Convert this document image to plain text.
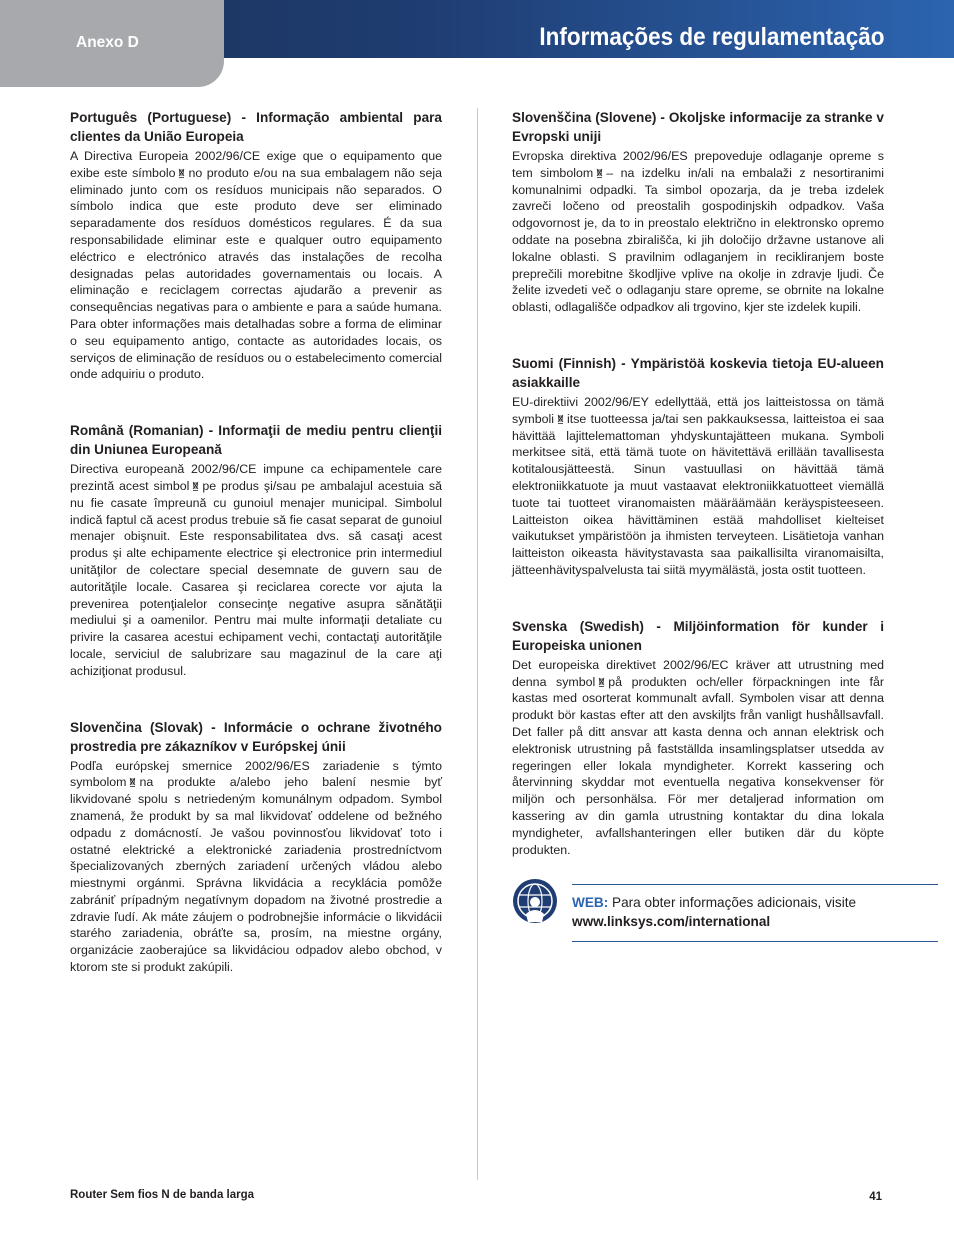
Anexo D	Informações de regulamentação
Português (Portuguese) - Informação ambiental para clientes da União Europeia

A Directiva Europeia 2002/96/CE exige que o equipamento que exibe este símbolo no produto e/ou na sua embalagem não seja eliminado junto com os resíduos municipais não separados. O símbolo indica que este produto deve ser eliminado separadamente dos resíduos domésticos regulares. É da sua responsabilidade eliminar este e qualquer outro equipamento eléctrico e electrónico através das instalações de recolha designadas pelas autoridades governamentais ou locais. A eliminação e reciclagem correctas ajudarão a prevenir as consequências negativas para o ambiente e para a saúde humana. Para obter informações mais detalhadas sobre a forma de eliminar o seu equipamento antigo, contacte as autoridades locais, os serviços de eliminação de resíduos ou o estabelecimento comercial onde adquiriu o produto.

Română (Romanian) - Informaţii de mediu pentru clienţii din Uniunea Europeană

Directiva europeană 2002/96/CE impune ca echipamentele care prezintă acest simbol pe produs şi/sau pe ambalajul acestuia să nu fie casate împreună cu gunoiul menajer municipal. Simbolul indică faptul că acest produs trebuie să fie casat separat de gunoiul menajer obişnuit. Este responsabilitatea dvs. să casaţi acest produs şi alte echipamente electrice şi electronice prin intermediul unităţilor de colectare special desemnate de guvern sau de autorităţile locale. Casarea şi reciclarea corecte vor ajuta la prevenirea potenţialelor consecinţe negative asupra sănătăţii mediului şi a oamenilor. Pentru mai multe informaţii detaliate cu privire la casarea acestui echipament vechi, contactaţi autorităţile locale, serviciul de salubrizare sau magazinul de la care aţi achiziţionat produsul.

Slovenčina (Slovak) - Informácie o ochrane životného prostredia pre zákazníkov v Európskej únii

Podľa európskej smernice 2002/96/ES zariadenie s týmto symbolom na produkte a/alebo jeho balení nesmie byť likvidované spolu s netriedeným komunálnym odpadom. Symbol znamená, že produkt by sa mal likvidovať oddelene od bežného odpadu z domácností. Je vašou povinnosťou likvidovať toto i ostatné elektrické a elektronické zariadenia prostredníctvom špecializovaných zberných zariadení určených vládou alebo miestnymi orgánmi. Správna likvidácia a recyklácia pomôže zabrániť prípadným negatívnym dopadom na životné prostredie a zdravie ľudí. Ak máte záujem o podrobnejšie informácie o likvidácii starého zariadenia, obráťte sa, prosím, na miestne orgány, organizácie zaoberajúce sa likvidáciou odpadov alebo obchod, v ktorom ste si produkt zakúpili.

Slovenščina (Slovene) - Okoljske informacije za stranke v Evropski uniji

Evropska direktiva 2002/96/ES prepoveduje odlaganje opreme s tem simbolom – na izdelku in/ali na embalaži z nesortiranimi komunalnimi odpadki. Ta simbol opozarja, da je treba izdelek zavreči ločeno od preostalih gospodinjskih odpadkov. Vaša odgovornost je, da to in preostalo električno in elektronsko opremo oddate na posebna zbirališča, ki jih določijo državne ustanove ali lokalne oblasti. S pravilnim odlaganjem in recikliranjem boste preprečili morebitne škodljive vplive na okolje in zdravje ljudi. Če želite izvedeti več o odlaganju stare opreme, se obrnite na lokalne oblasti, odlagališče odpadkov ali trgovino, kjer ste izdelek kupili.

Suomi (Finnish) - Ympäristöä koskevia tietoja EU-alueen asiakkaille

EU-direktiivi 2002/96/EY edellyttää, että jos laitteistossa on tämä symboli itse tuotteessa ja/tai sen pakkauksessa, laitteistoa ei saa hävittää lajittelemattoman yhdyskuntajätteen mukana. Symboli merkitsee sitä, että tämä tuote on hävitettävä erillään tavallisesta kotitalousjätteestä. Sinun vastuullasi on hävittää tämä elektroniikkatuote ja muut vastaavat elektroniikkatuotteet viemällä tuote tai tuotteet viranomaisten määräämään keräyspisteeseen. Laitteiston oikea hävittäminen estää mahdolliset kielteiset vaikutukset ympäristöön ja ihmisten terveyteen. Lisätietoja vanhan laitteiston oikeasta hävitystavasta saa paikallisilta viranomaisilta, jätteenhävityspalvelusta tai siitä myymälästä, josta ostit tuotteen.

Svenska (Swedish) - Miljöinformation för kunder i Europeiska unionen

Det europeiska direktivet 2002/96/EC kräver att utrustning med denna symbol på produkten och/eller förpackningen inte får kastas med osorterat kommunalt avfall. Symbolen visar att denna produkt bör kastas efter att den avskiljts från vanligt hushållsavfall. Det faller på ditt ansvar att kasta denna och annan elektrisk och elektronisk utrustning på fastställda insamlingsplatser utsedda av regeringen eller lokala myndigheter. Korrekt kassering och återvinning skyddar mot eventuella negativa konsekvenser för miljön och personhälsa. För mer detaljerad information om kassering av din gamla utrustning kontaktar du dina lokala myndigheter, avfallshanteringen eller butiken där du köpte produkten.

WEB: Para obter informações adicionais, visite
www.linksys.com/international
Router Sem fios N de banda larga	41
